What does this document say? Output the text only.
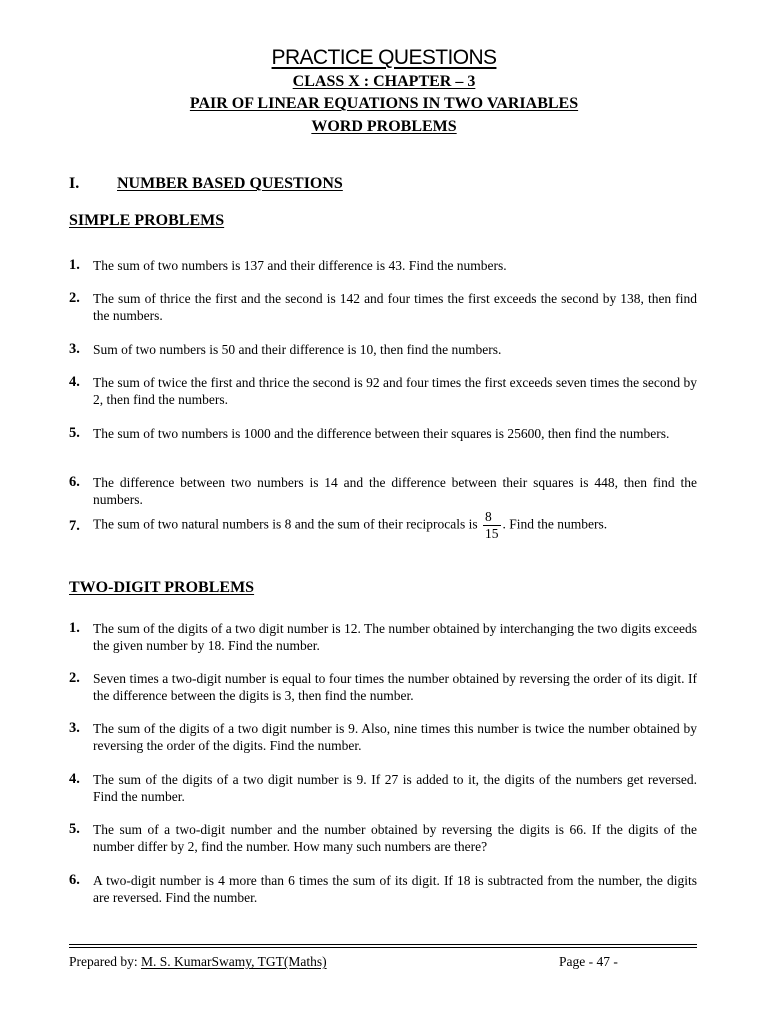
PRACTICE QUESTIONS
CLASS X : CHAPTER – 3
PAIR OF LINEAR EQUATIONS IN TWO VARIABLES
WORD PROBLEMS
I. NUMBER BASED QUESTIONS
SIMPLE PROBLEMS
1. The sum of two numbers is 137 and their difference is 43. Find the numbers.
2. The sum of thrice the first and the second is 142 and four times the first exceeds the second by 138, then find the numbers.
3. Sum of two numbers is 50 and their difference is 10, then find the numbers.
4. The sum of twice the first and thrice the second is 92 and four times the first exceeds seven times the second by 2, then find the numbers.
5. The sum of two numbers is 1000 and the difference between their squares is 25600, then find the numbers.
6. The difference between two numbers is 14 and the difference between their squares is 448, then find the numbers.
7. The sum of two natural numbers is 8 and the sum of their reciprocals is $\frac{8}{15}$ . Find the numbers.
TWO-DIGIT PROBLEMS
1. The sum of the digits of a two digit number is 12. The number obtained by interchanging the two digits exceeds the given number by 18. Find the number.
2. Seven times a two-digit number is equal to four times the number obtained by reversing the order of its digit. If the difference between the digits is 3, then find the number.
3. The sum of the digits of a two digit number is 9. Also, nine times this number is twice the number obtained by reversing the order of the digits. Find the number.
4. The sum of the digits of a two digit number is 9. If 27 is added to it, the digits of the numbers get reversed. Find the number.
5. The sum of a two-digit number and the number obtained by reversing the digits is 66. If the digits of the number differ by 2, find the number. How many such numbers are there?
6. A two-digit number is 4 more than 6 times the sum of its digit. If 18 is subtracted from the number, the digits are reversed. Find the number.
Prepared by: M. S. KumarSwamy, TGT(Maths)	Page - 47 -
